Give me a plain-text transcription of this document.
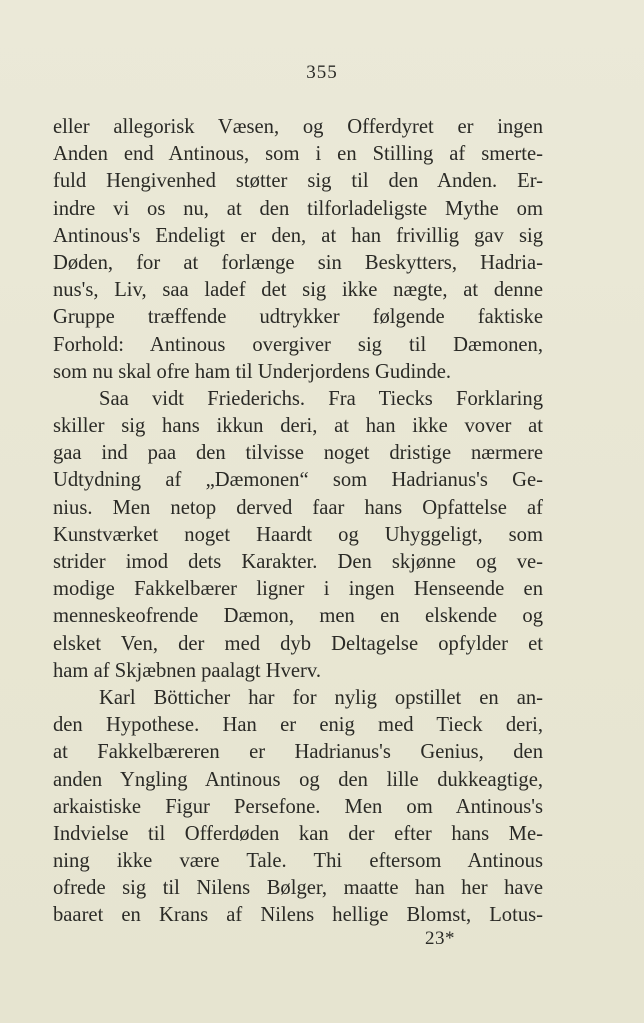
355
eller allegorisk Væsen, og Offerdyret er ingen
Anden end Antinous, som i en Stilling af smerte-
fuld Hengivenhed støtter sig til den Anden. Er-
indre vi os nu, at den tilforladeligste Mythe om
Antinous's Endeligt er den, at han frivillig gav sig
Døden, for at forlænge sin Beskytters, Hadria-
nus's, Liv, saa ladef det sig ikke nægte, at denne
Gruppe træffende udtrykker følgende faktiske
Forhold: Antinous overgiver sig til Dæmonen,
som nu skal ofre ham til Underjordens Gudinde.
Saa vidt Friederichs. Fra Tiecks Forklaring
skiller sig hans ikkun deri, at han ikke vover at
gaa ind paa den tilvisse noget dristige nærmere
Udtydning af „Dæmonen“ som Hadrianus's Ge-
nius. Men netop derved faar hans Opfattelse af
Kunstværket noget Haardt og Uhyggeligt, som
strider imod dets Karakter. Den skjønne og ve-
modige Fakkelbærer ligner i ingen Henseende en
menneskeofrende Dæmon, men en elskende og
elsket Ven, der med dyb Deltagelse opfylder et
ham af Skjæbnen paalagt Hverv.
Karl Bötticher har for nylig opstillet en an-
den Hypothese. Han er enig med Tieck deri,
at Fakkelbæreren er Hadrianus's Genius, den
anden Yngling Antinous og den lille dukkeagtige,
arkaistiske Figur Persefone. Men om Antinous's
Indvielse til Offerdøden kan der efter hans Me-
ning ikke være Tale. Thi eftersom Antinous
ofrede sig til Nilens Bølger, maatte han her have
baaret en Krans af Nilens hellige Blomst, Lotus-
23*
